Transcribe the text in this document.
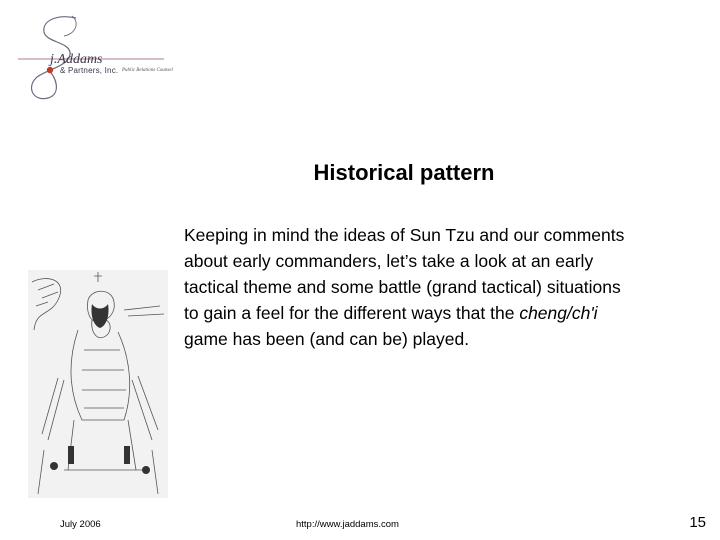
j.Addams
& Partners, Inc. Public Relations Counsel
Historical pattern

Keeping in mind the ideas of Sun Tzu and our comments about early commanders, let’s take a look at an early tactical theme and some battle (grand tactical) situations to gain a feel for the different ways that the cheng/ch'i game has been (and can be) played.

July 2006	http://www.jaddams.com	15
